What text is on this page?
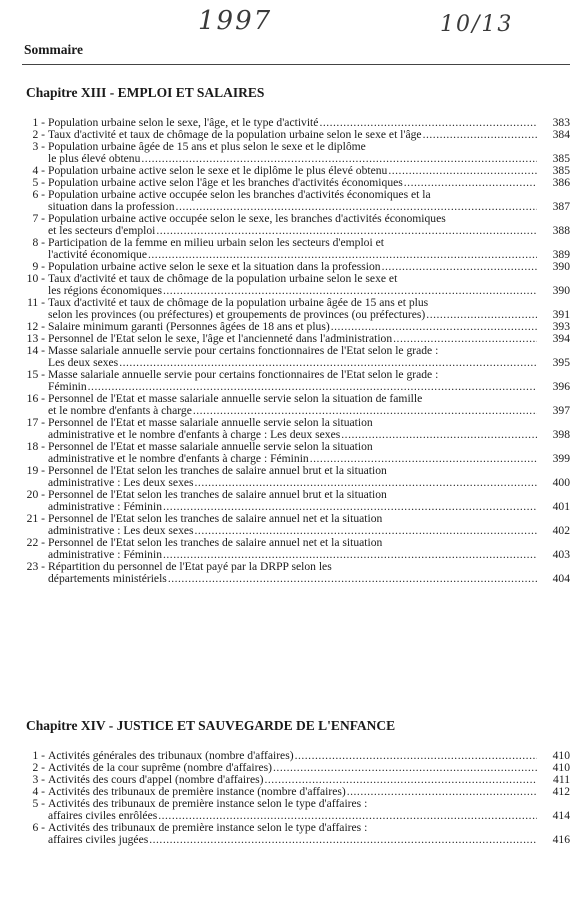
1997	10/13
Sommaire
Chapitre XIII - EMPLOI ET SALAIRES
1 - Population urbaine selon le sexe, l'âge, et le type d'activité .....	383
2 - Taux d'activité et taux de chômage de la population urbaine selon le sexe et l'âge .....	384
3 - Population urbaine âgée de 15 ans et plus selon le sexe et le diplôme
le plus élevé obtenu .....	385
4 - Population urbaine active selon le sexe et le diplôme le plus élevé obtenu .....	385
5 - Population urbaine active selon l'âge et les branches d'activités économiques .....	386
6 - Population urbaine active occupée selon les branches d'activités économiques et la
situation dans la profession .....	387
7 - Population urbaine active occupée selon le sexe, les branches d'activités économiques
et les secteurs d'emploi .....	388
8 - Participation de la femme en milieu urbain selon les secteurs d'emploi et
l'activité économique .....	389
9 - Population urbaine active selon le sexe et la situation dans la profession .....	390
10 - Taux d'activité et taux de chômage de la population urbaine selon le sexe et
les régions économiques .....	390
11 - Taux d'activité et taux de chômage de la population urbaine âgée de 15 ans et plus
selon les provinces (ou préfectures) et groupements de provinces (ou préfectures) .....	391
12 - Salaire minimum garanti (Personnes âgées de 18 ans et plus) .....	393
13 - Personnel de l'Etat selon le sexe, l'âge et l'ancienneté dans l'administration .....	394
14 - Masse salariale annuelle servie pour certains fonctionnaires de l'Etat selon le grade :
Les deux sexes .....	395
15 - Masse salariale annuelle servie pour certains fonctionnaires de l'Etat selon le grade :
Féminin .....	396
16 - Personnel de l'Etat et masse salariale annuelle servie selon la situation de famille
et le nombre d'enfants à charge .....	397
17 - Personnel de l'Etat et masse salariale annuelle servie selon la situation
administrative et le nombre d'enfants à charge : Les deux sexes .....	398
18 - Personnel de l'Etat et masse salariale annuelle servie selon la situation
administrative et le nombre d'enfants à charge : Féminin .....	399
19 - Personnel de l'Etat selon les tranches de salaire annuel brut et la situation
administrative : Les deux sexes .....	400
20 - Personnel de l'Etat selon les tranches de salaire annuel brut et la situation
administrative : Féminin .....	401
21 - Personnel de l'Etat selon les tranches de salaire annuel net et la situation
administrative : Les deux sexes .....	402
22 - Personnel de l'Etat selon les tranches de salaire annuel net et la situation
administrative : Féminin .....	403
23 - Répartition du personnel de l'Etat payé par la DRPP selon les
départements ministériels .....	404
Chapitre XIV - JUSTICE ET SAUVEGARDE DE L'ENFANCE
1 - Activités générales des tribunaux (nombre d'affaires) .....	410
2 - Activités de la cour suprême (nombre d'affaires) .....	410
3 - Activités des cours d'appel (nombre d'affaires) .....	411
4 - Activités des tribunaux de première instance (nombre d'affaires) .....	412
5 - Activités des tribunaux de première instance selon le type d'affaires :
affaires civiles enrôlées .....	414
6 - Activités des tribunaux de première instance selon le type d'affaires :
affaires civiles jugées .....	416
